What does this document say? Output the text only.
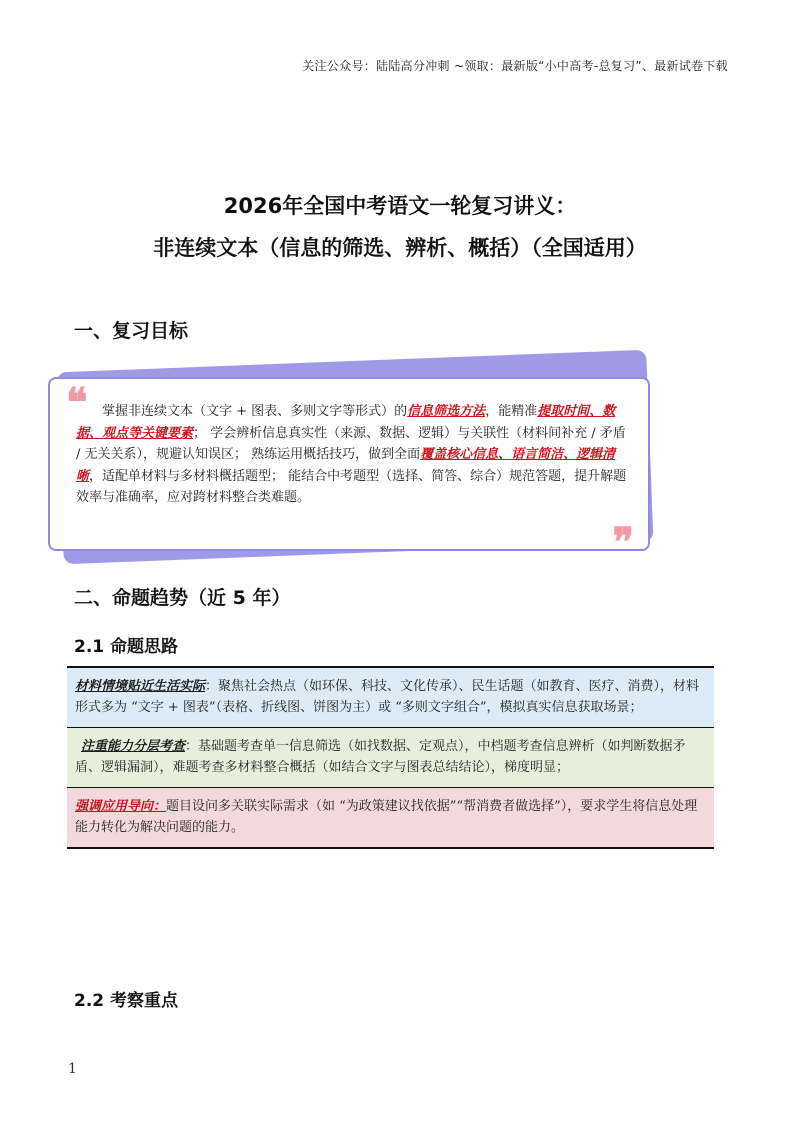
关注公众号：陆陆高分冲刺 ~领取：最新版“小中高考-总复习”、最新试卷下载
2026年全国中考语文一轮复习讲义：
非连续文本（信息的筛选、辨析、概括）（全国适用）
一、复习目标
❝	掌握非连续文本（文字 + 图表、多则文字等形式）的信息筛选方法，能精准提取时间、数据、观点等关键要素； 学会辨析信息真实性（来源、数据、逻辑）与关联性（材料间补充 / 矛盾 / 无关关系），规避认知误区； 熟练运用概括技巧，做到全面覆盖核心信息、语言简洁、逻辑清晰，适配单材料与多材料概括题型； 能结合中考题型（选择、简答、综合）规范答题，提升解题效率与准确率，应对跨材料整合类难题。
❞
二、命题趋势（近 5 年）
2.1 命题思路
材料情境贴近生活实际：聚焦社会热点（如环保、科技、文化传承）、民生话题（如教育、医疗、消费），材料形式多为 “文字 + 图表”（表格、折线图、饼图为主）或 “多则文字组合”，模拟真实信息获取场景；
注重能力分层考查：基础题考查单一信息筛选（如找数据、定观点），中档题考查信息辨析（如判断数据矛盾、逻辑漏洞），难题考查多材料整合概括（如结合文字与图表总结结论），梯度明显；
强调应用导向：题目设问多关联实际需求（如 “为政策建议找依据”“帮消费者做选择”），要求学生将信息处理能力转化为解决问题的能力。
2.2 考察重点
1
